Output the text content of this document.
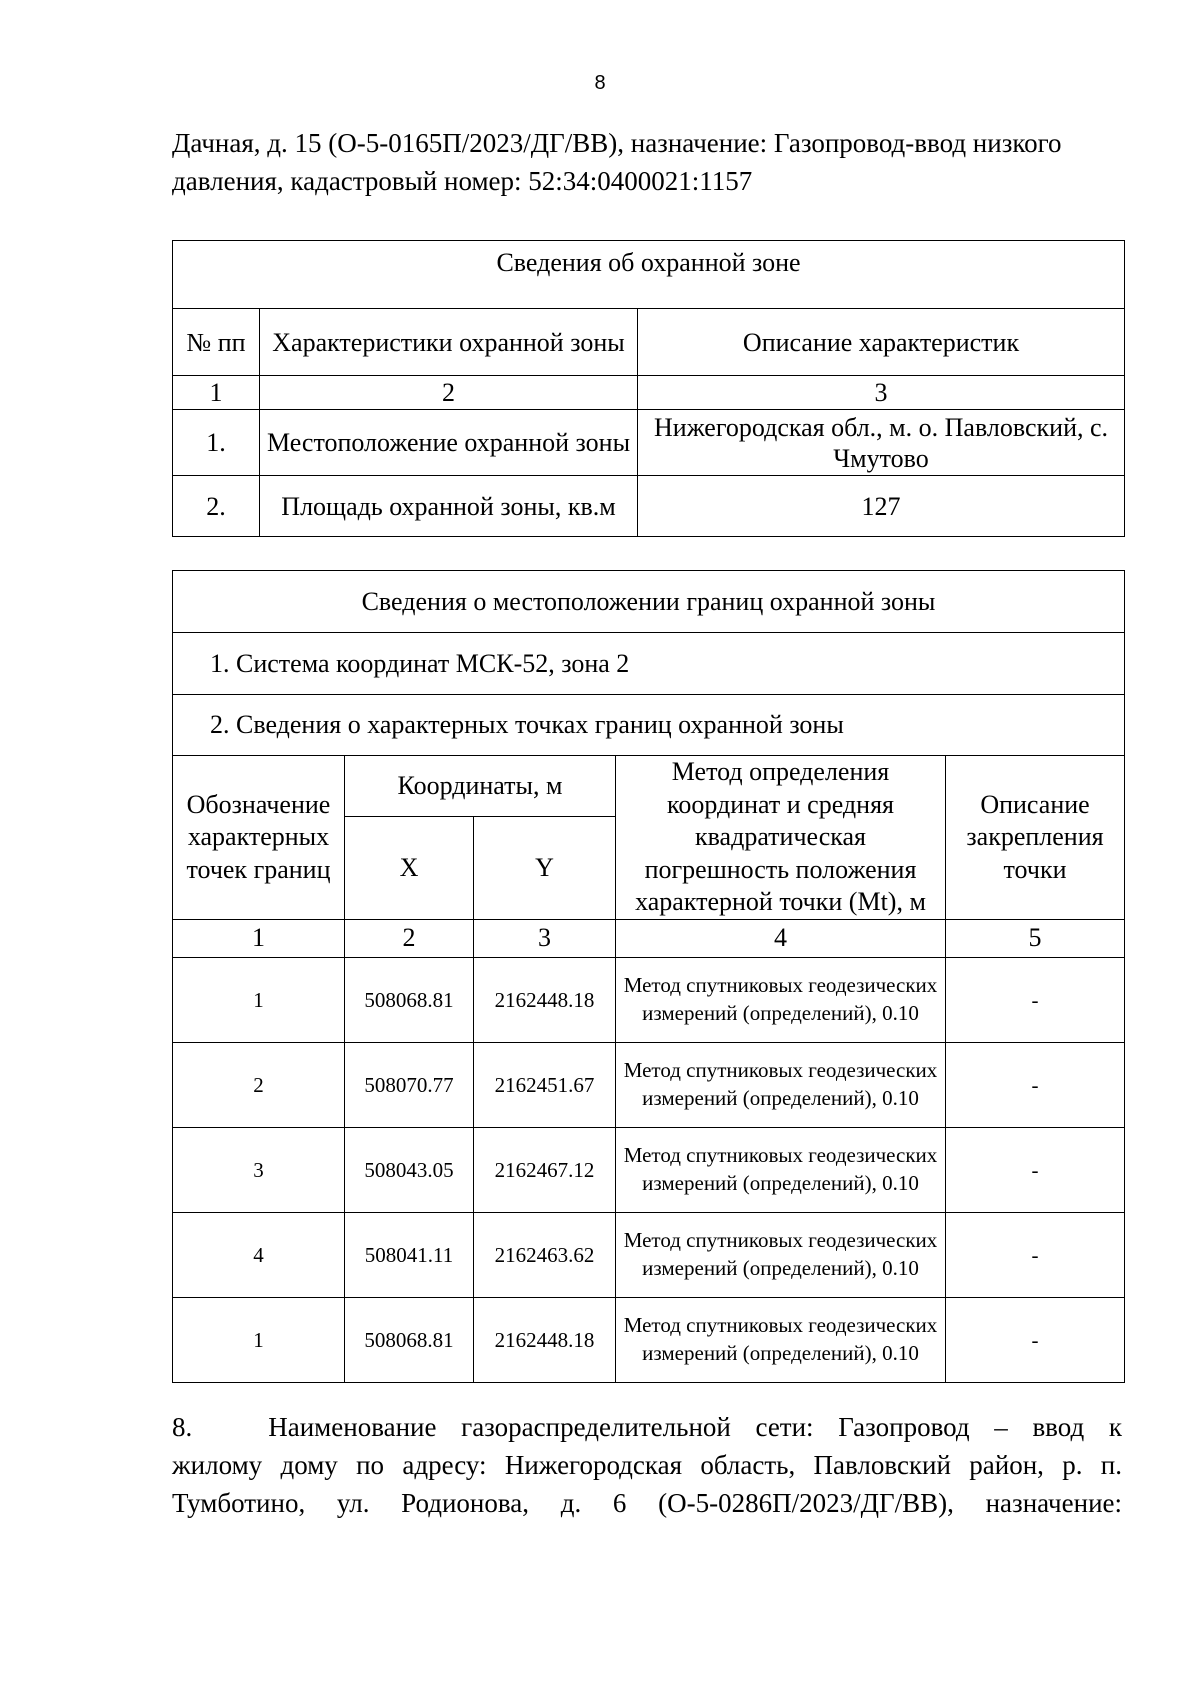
8

Дачная, д. 15 (О-5-0165П/2023/ДГ/ВВ), назначение: Газопровод-ввод низкого

давления, кадастровый номер: 52:34:0400021:1157

Сведения об охранной зоне		
№ пп	Характеристики охранной зоны	Описание характеристик
1	2	3
1.	Местоположение охранной зоны	Нижегородская обл., м. о. Павловский, с. Чмутово
2.	Площадь охранной зоны, кв.м	127
Сведения о местоположении границ охранной зоны				
1. Система координат МСК-52, зона 2				
2. Сведения о характерных точках границ охранной зоны				
Обозначение характерных точек границ	Координаты, м		Метод определения координат и средняя квадратическая погрешность положения характерной точки (Mt), м	Описание закрепления точки
	X	Y		
1	2	3	4	5
1	508068.81	2162448.18	Метод спутниковых геодезических измерений (определений), 0.10	-
2	508070.77	2162451.67	Метод спутниковых геодезических измерений (определений), 0.10	-
3	508043.05	2162467.12	Метод спутниковых геодезических измерений (определений), 0.10	-
4	508041.11	2162463.62	Метод спутниковых геодезических измерений (определений), 0.10	-
1	508068.81	2162448.18	Метод спутниковых геодезических измерений (определений), 0.10	-

8.	Наименование газораспределительной сети: Газопровод – ввод к

жилому дому по адресу: Нижегородская область, Павловский район, р. п.

Тумботино, ул. Родионова, д. 6 (О-5-0286П/2023/ДГ/ВВ), назначение:
